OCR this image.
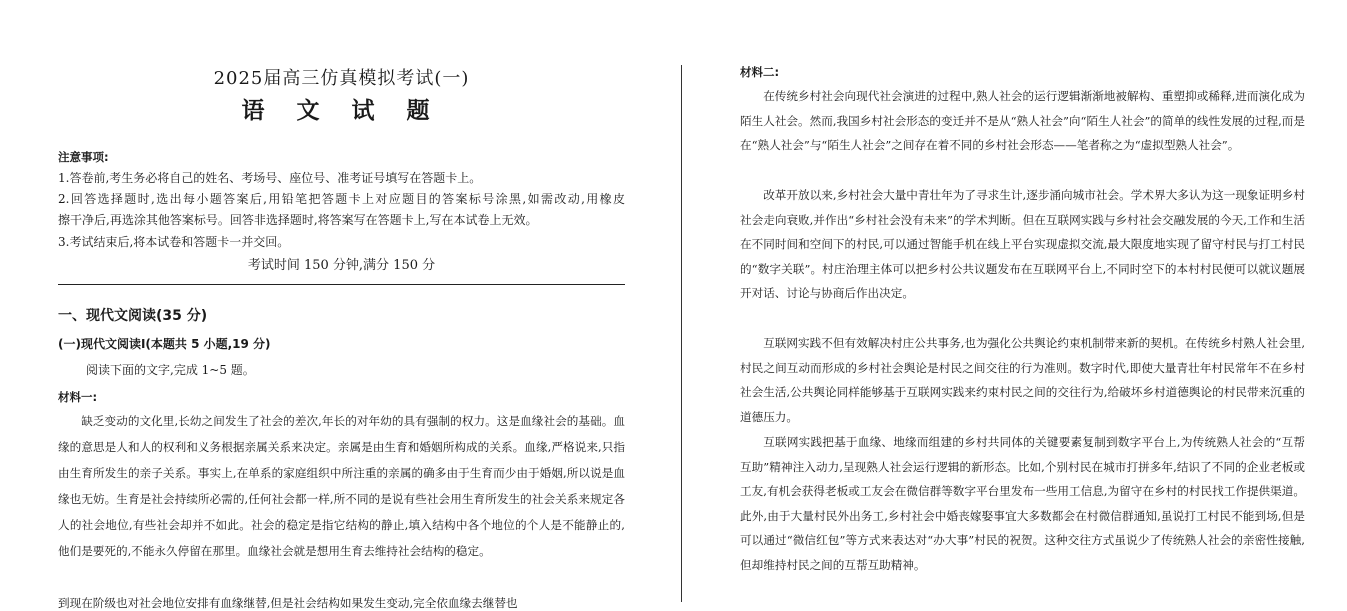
2025届高三仿真模拟考试(一)
语 文 试 题
注意事项:
1.答卷前,考生务必将自己的姓名、考场号、座位号、准考证号填写在答题卡上。
2.回答选择题时,选出每小题答案后,用铅笔把答题卡上对应题目的答案标号涂黑,如需改动,用橡皮
擦干净后,再选涂其他答案标号。回答非选择题时,将答案写在答题卡上,写在本试卷上无效。
3.考试结束后,将本试卷和答题卡一并交回。
考试时间 150 分钟,满分 150 分
一、现代文阅读(35 分)
(一)现代文阅读Ⅰ(本题共 5 小题,19 分)
阅读下面的文字,完成 1~5 题。
材料一:
缺乏变动的文化里,长幼之间发生了社会的差次,年长的对年幼的具有强制的权力。这是血缘社会的基础。血缘的意思是人和人的权利和义务根据亲属关系来决定。亲属是由生育和婚姻所构成的关系。血缘,严格说来,只指由生育所发生的亲子关系。事实上,在单系的家庭组织中所注重的亲属的确多由于生育而少由于婚姻,所以说是血缘也无妨。生育是社会持续所必需的,任何社会都一样,所不同的是说有些社会用生育所发生的社会关系来规定各人的社会地位,有些社会却并不如此。社会的稳定是指它结构的静止,填入结构中各个地位的个人是不能静止的,他们是要死的,不能永久停留在那里。血缘社会就是想用生育去维持社会结构的稳定。
到现在阶级也对社会地位安排有血缘继替,但是社会结构如果发生变动,完全依血缘去继替也
材料二:
在传统乡村社会向现代社会演进的过程中,熟人社会的运行逻辑渐渐地被解构、重塑抑或稀释,进而演化成为陌生人社会。然而,我国乡村社会形态的变迁并不是从“熟人社会”向“陌生人社会”的简单的线性发展的过程,而是在“熟人社会”与“陌生人社会”之间存在着不同的乡村社会形态——笔者称之为“虚拟型熟人社会”。
改革开放以来,乡村社会大量中青壮年为了寻求生计,逐步涌向城市社会。学术界大多认为这一现象证明乡村社会走向衰败,并作出“乡村社会没有未来”的学术判断。但在互联网实践与乡村社会交融发展的今天,工作和生活在不同时间和空间下的村民,可以通过智能手机在线上平台实现虚拟交流,最大限度地实现了留守村民与打工村民的“数字关联”。村庄治理主体可以把乡村公共议题发布在互联网平台上,不同时空下的本村村民便可以就议题展开对话、讨论与协商后作出决定。
互联网实践不但有效解决村庄公共事务,也为强化公共舆论约束机制带来新的契机。在传统乡村熟人社会里,村民之间互动而形成的乡村社会舆论是村民之间交往的行为准则。数字时代,即使大量青壮年村民常年不在乡村社会生活,公共舆论同样能够基于互联网实践来约束村民之间的交往行为,给破坏乡村道德舆论的村民带来沉重的道德压力。
互联网实践把基于血缘、地缘而组建的乡村共同体的关键要素复制到数字平台上,为传统熟人社会的“互帮互助”精神注入动力,呈现熟人社会运行逻辑的新形态。比如,个别村民在城市打拼多年,结识了不同的企业老板或工友,有机会获得老板或工友会在微信群等数字平台里发布一些用工信息,为留守在乡村的村民找工作提供渠道。此外,由于大量村民外出务工,乡村社会中婚丧嫁娶事宜大多数都会在村微信群通知,虽说打工村民不能到场,但是可以通过“微信红包”等方式来表达对“办大事”村民的祝贺。这种交往方式虽说少了传统熟人社会的亲密性接触,但却维持村民之间的互帮互助精神。
